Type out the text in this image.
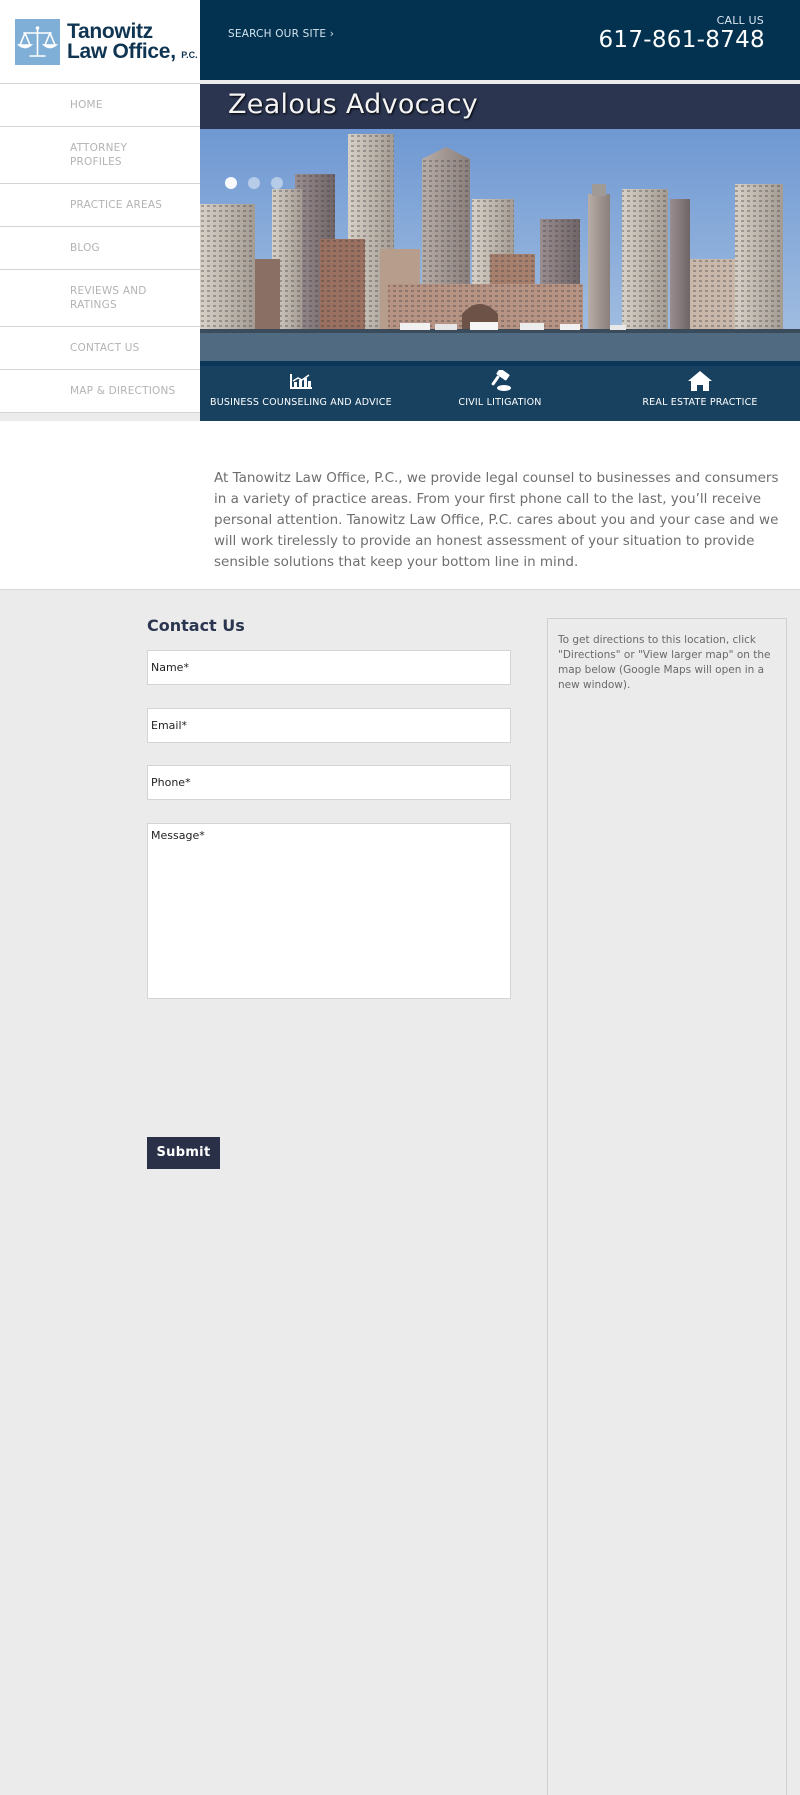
Tanowitz
Law Office, P.C.
SEARCH OUR SITE ›
CALL US
617-861-8748
HOME
ATTORNEY PROFILES
PRACTICE AREAS
BLOG
REVIEWS AND RATINGS
CONTACT US
MAP & DIRECTIONS
Zealous Advocacy
BUSINESS COUNSELING AND ADVICE	CIVIL LITIGATION	REAL ESTATE PRACTICE

At Tanowitz Law Office, P.C., we provide legal counsel to businesses and consumers in a variety of practice areas. From your first phone call to the last, you’ll receive personal attention. Tanowitz Law Office, P.C. cares about you and your case and we will work tirelessly to provide an honest assessment of your situation to provide sensible solutions that keep your bottom line in mind.

Contact Us
Name*
Email*
Phone*
Message*
Submit

To get directions to this location, click "Directions" or "View larger map" on the map below (Google Maps will open in a new window).
